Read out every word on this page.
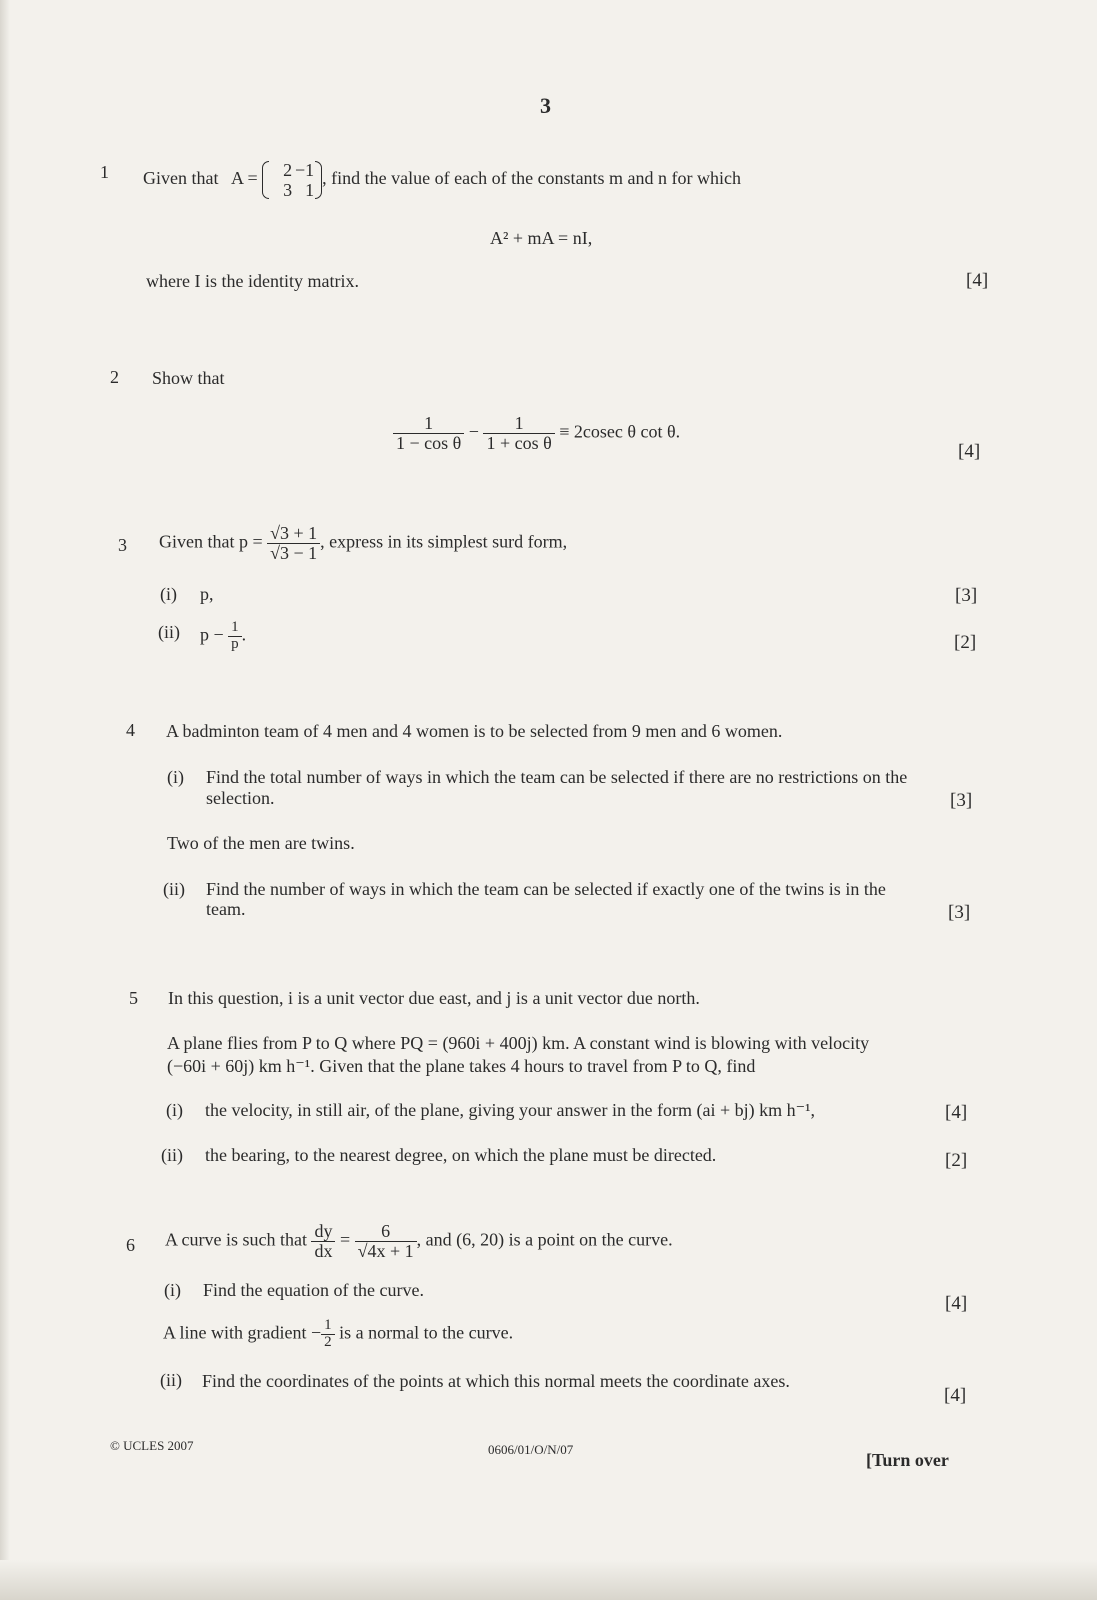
3
1 Given that A =	2 −1
3 1
, find the value of each of the constants m and n for which
A² + mA = nI,
where I is the identity matrix.	[4]
2 Show that
$\frac{1}{\text{1 − cos θ}} - \frac{1}{\text{1 + cos θ}} \equiv 2cosec$ θ cot θ.
[4]
3 Given that $p = \frac{√3 + 1}{√3 - 1}$ , express in its simplest surd form,
(i) p,	[3]
(ii) $p - \frac{1}{p}$ .	[2]
4 A badminton team of 4 men and 4 women is to be selected from 9 men and 6 women.
(i) Find the total number of ways in which the team can be selected if there are no restrictions on the
selection.	[3]
Two of the men are twins.
(ii) Find the number of ways in which the team can be selected if exactly one of the twins is in the
team.	[3]
5 In this question, i is a unit vector due east, and j is a unit vector due north.
A plane flies from P to Q where PQ = (960i + 400j) km. A constant wind is blowing with velocity
(−60i + 60j) km h⁻¹. Given that the plane takes 4 hours to travel from P to Q, find
(i) the velocity, in still air, of the plane, giving your answer in the form (ai + bj) km h⁻¹,	[4]
(ii) the bearing, to the nearest degree, on which the plane must be directed.	[2]
6 A curve is such that $\frac{dy}{dx} = \frac{6}{√4x + 1}$ , and (6, 20) is a point on the curve.
(i) Find the equation of the curve.
[4]
A line with gradient − $\frac{1}{2}$ is a normal to the curve.
(ii) Find the coordinates of the points at which this normal meets the coordinate axes.
[4]
© UCLES 2007	0606/01/O/N/07
[Turn over
